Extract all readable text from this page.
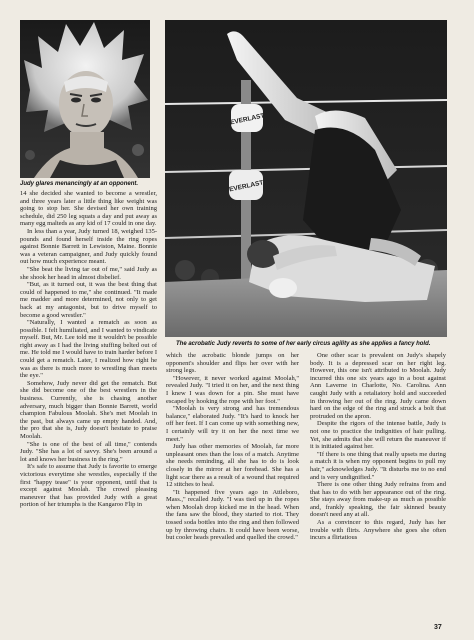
Judy glares menancingly at an opponent.
EVERLAST
EVERLAST
The acrobatic Judy reverts to some of her early circus agility as she applies a fancy hold.

14 she decided she wanted to become a wrestler, and three years later a little thing like weight was going to stop her. She devised her own training schedule, did 250 leg squats a day and put away as many egg malteds as any kid of 17 could in one day.

In less than a year, Judy turned 18, weighed 135-pounds and found herself inside the ring ropes against Bonnie Barrett in Lewiston, Maine. Bonnie was a veteran campaigner, and Judy quickly found out how much experience meant.

"She beat the living tar out of me," said Judy as she shook her head in almost disbelief.

"But, as it turned out, it was the best thing that could of happened to me," she continued. "It made me madder and more determined, not only to get back at my antagonist, but to drive myself to become a good wrestler."

"Naturally, I wanted a rematch as soon as possible. I felt humiliated, and I wanted to vindicate myself. But, Mr. Lee told me it wouldn't be possible right away as I had the living stuffing belted out of me. He told me I would have to train harder before I could get a rematch. Later, I realized how right he was as there is much more to wrestling than meets the eye."

Somehow, Judy never did get the rematch. But she did become one of the best wrestlers in the business. Currently, she is chasing another adversary, much bigger than Bonnie Barrett, world champion Fabulous Moolah. She's met Moolah in the past, but always came up empty handed. And, the pro that she is, Judy doesn't hesitate to praise Moolah.

"She is one of the best of all time," contends Judy. "She has a lot of savvy. She's been around a lot and knows her business in the ring."

It's safe to assume that Judy is favorite to emerge victorious everytime she wrestles, especially if the first "happy tease" is your opponent, until that is except against Moolah. The crowd pleasing maneuver that has provided Judy with a great portion of her triumphs is the Kangaroo Flip in

which the acrobatic blonde jumps on her opponent's shoulder and flips her over with her strong legs.

"However, it never worked against Moolah," revealed Judy. "I tried it on her, and the next thing I knew I was down for a pin. She must have escaped by hooking the rope with her foot."

"Moolah is very strong and has tremendous balance," elaborated Judy. "It's hard to knock her off her feet. If I can come up with something new, I certainly will try it on her the next time we meet."

Judy has other memories of Moolah, far more unpleasant ones than the loss of a match. Anytime she needs reminding, all she has to do is look closely in the mirror at her forehead. She has a light scar there as a result of a wound that required 12 stitches to heal.

"It happened five years ago in Attleboro, Mass.," recalled Judy. "I was tied up in the ropes when Moolah drop kicked me in the head. When the fans saw the blood, they started to riot. They tossed soda bottles into the ring and then followed up by throwing chairs. It could have been worse, but cooler heads prevailed and quelled the crowd."

One other scar is prevalent on Judy's shapely body. It is a depressed scar on her right leg. However, this one isn't attributed to Moolah. Judy incurred this one six years ago in a bout against Ann Laverne in Charlotte, No. Carolina. Ann caught Judy with a retaliatory hold and succeeded in throwing her out of the ring. Judy came down hard on the edge of the ring and struck a bolt that protruded on the apron.

Despite the rigors of the intense battle, Judy is not one to practice the indignities of hair pulling. Yet, she admits that she will return the maneuver if it is initiated against her.

"If there is one thing that really upsets me during a match it is when my opponent begins to pull my hair," acknowledges Judy. "It disturbs me to no end and is very undignified."

There is one other thing Judy refrains from and that has to do with her appearance out of the ring. She stays away from make-up as much as possible and, frankly speaking, the fair skinned beauty doesn't need any at all.

As a convincer to this regard, Judy has her trouble with flirts. Anywhere she goes she often incurs a flirtatious

37
